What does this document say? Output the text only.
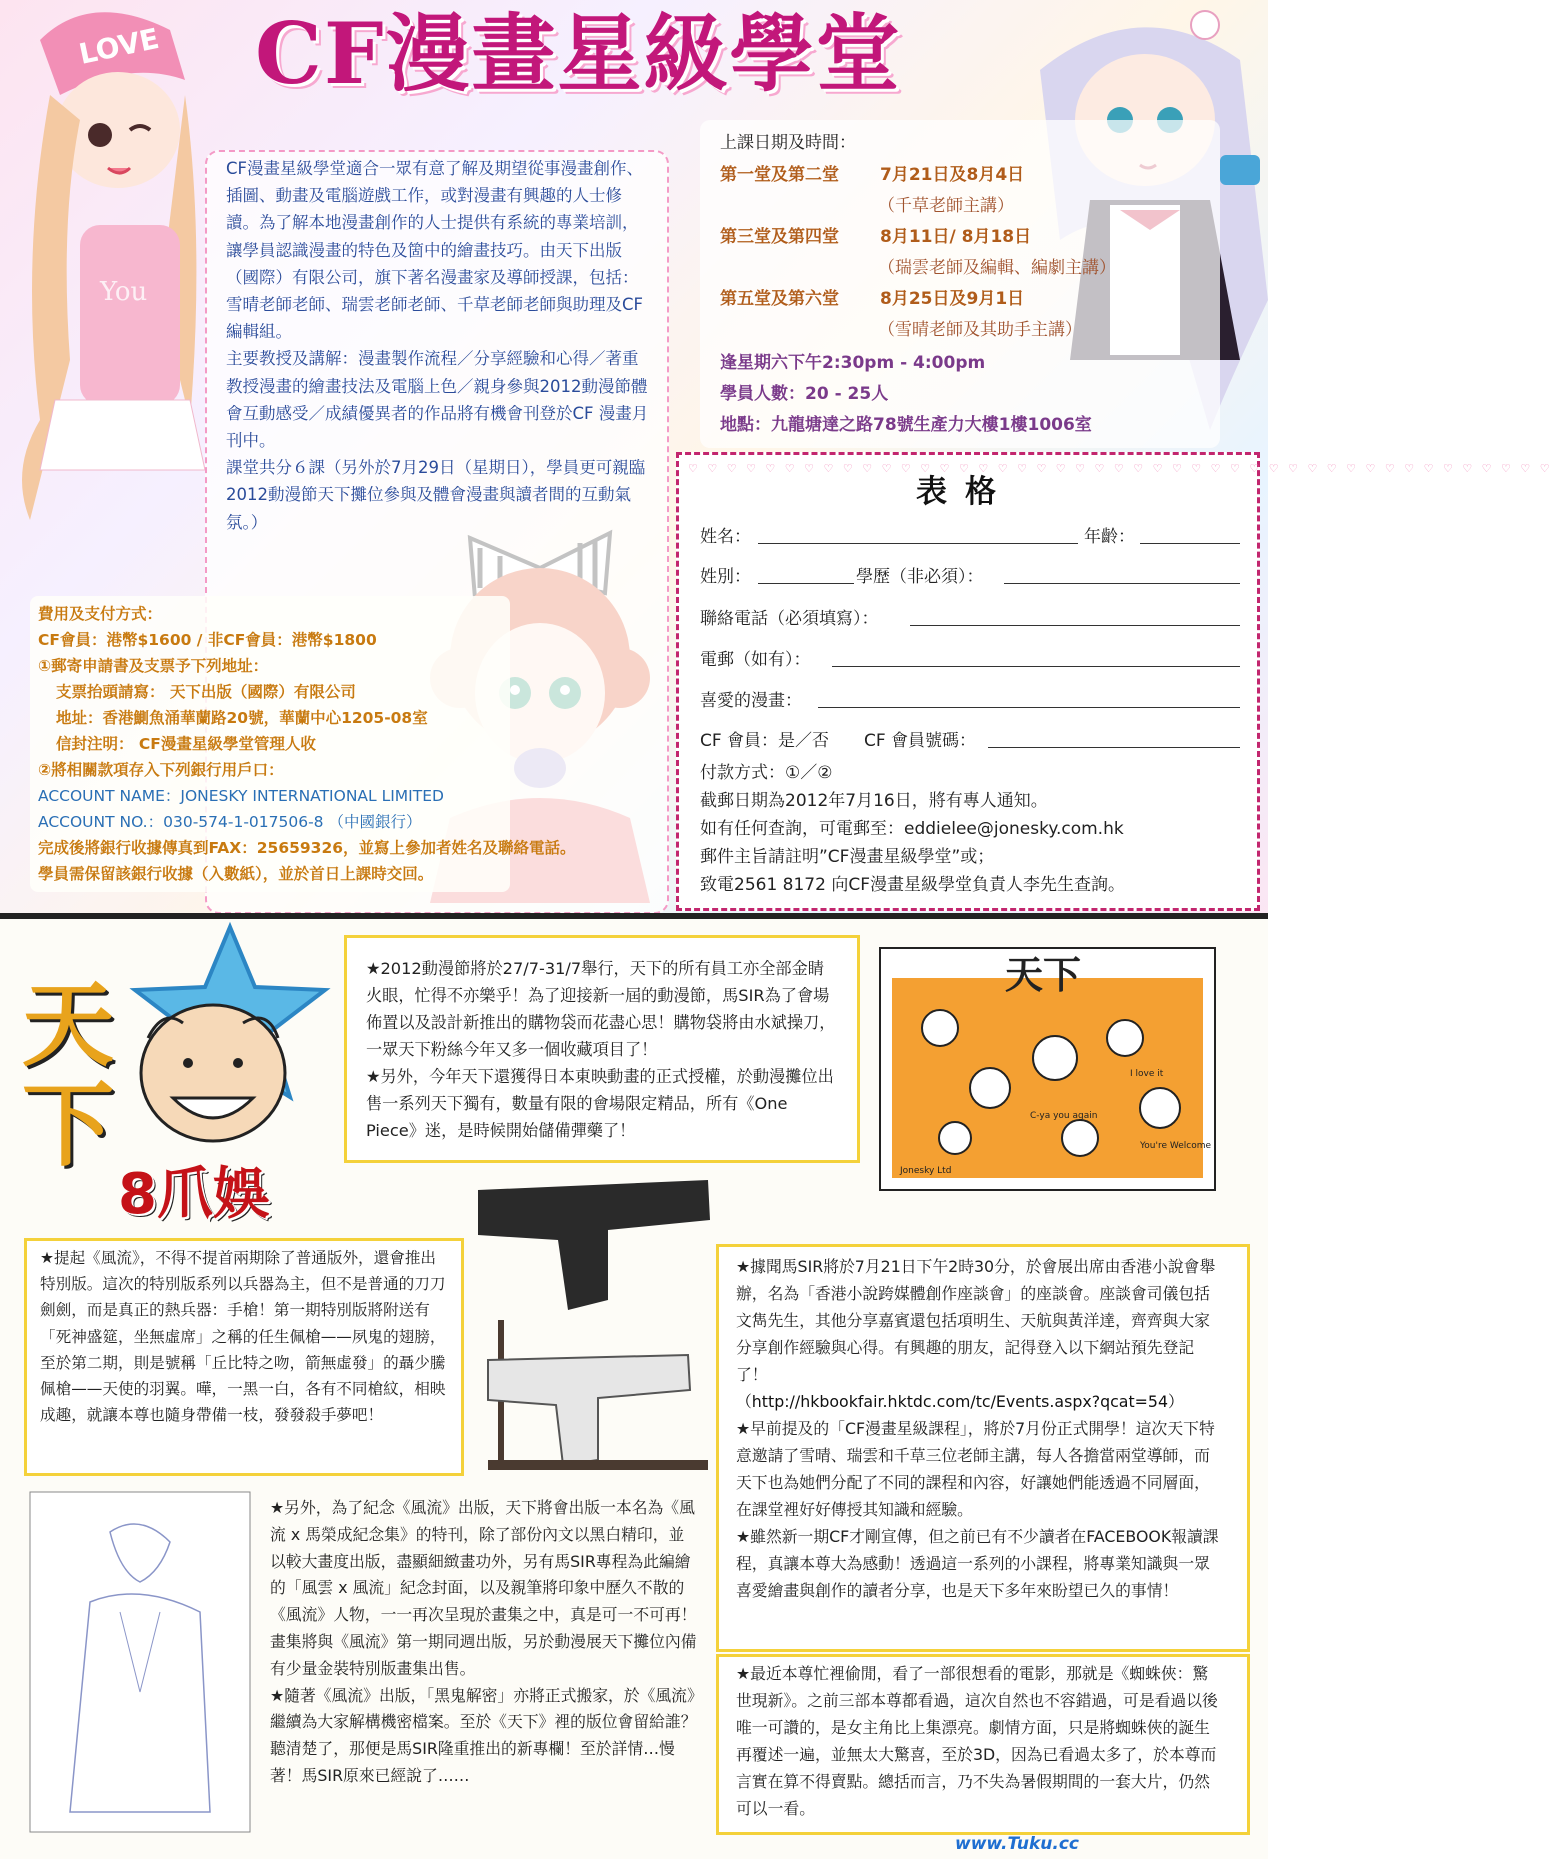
LOVE
You
CF漫畫星級學堂

CF漫畫星級學堂適合一眾有意了解及期望從事漫畫創作、插圖、動畫及電腦遊戲工作，或對漫畫有興趣的人士修讀。為了解本地漫畫創作的人士提供有系統的專業培訓，讓學員認識漫畫的特色及箇中的繪畫技巧。由天下出版（國際）有限公司，旗下著名漫畫家及導師授課，包括：雪晴老師老師、瑞雲老師老師、千草老師老師與助理及CF編輯組。

主要教授及講解：漫畫製作流程／分享經驗和心得／著重教授漫畫的繪畫技法及電腦上色／親身參與2012動漫節體會互動感受／成績優異者的作品將有機會刊登於CF 漫畫月刊中。

課堂共分６課（另外於7月29日（星期日），學員更可親臨2012動漫節天下攤位參與及體會漫畫與讀者間的互動氣氛。）

上課日期及時間：
第一堂及第二堂 7月21日及8月4日
（千草老師主講）
第三堂及第四堂 8月11日/ 8月18日
（瑞雲老師及編輯、編劇主講）
第五堂及第六堂 8月25日及9月1日
（雪晴老師及其助手主講）
逢星期六下午2:30pm - 4:00pm
學員人數：20 - 25人
地點：九龍塘達之路78號生產力大樓1樓1006室
費用及支付方式：
CF會員：港幣$1600 / 非CF會員：港幣$1800
①郵寄申請書及支票予下列地址：
支票抬頭請寫： 天下出版（國際）有限公司
地址：香港鰂魚涌華蘭路20號，華蘭中心1205-08室
信封注明： CF漫畫星級學堂管理人收
②將相關款項存入下列銀行用戶口：
ACCOUNT NAME：JONESKY INTERNATIONAL LIMITED
ACCOUNT NO.：030-574-1-017506-8 （中國銀行）
完成後將銀行收據傳真到FAX：25659326，並寫上參加者姓名及聯絡電話。
學員需保留該銀行收據（入數紙），並於首日上課時交回。
♡ ♡ ♡ ♡ ♡ ♡ ♡ ♡ ♡ ♡ ♡ ♡ ♡ ♡ ♡ ♡ ♡ ♡ ♡ ♡ ♡ ♡ ♡ ♡ ♡ ♡ ♡ ♡ ♡ ♡ ♡ ♡ ♡ ♡ ♡ ♡ ♡ ♡ ♡ ♡ ♡ ♡ ♡ ♡ ♡
表格
姓名：	年齡：
姓別：	學歷（非必須）：
聯絡電話（必須填寫）：
電郵（如有）：
喜愛的漫畫：
CF 會員：是／否 CF 會員號碼：
付款方式：①／②
截郵日期為2012年7月16日，將有專人通知。
如有任何查詢，可電郵至：eddielee@jonesky.com.hk
郵件主旨請註明”CF漫畫星級學堂”或；
致電2561 8172 向CF漫畫星級學堂負責人李先生查詢。
天下
8爪娛

★2012動漫節將於27/7-31/7舉行，天下的所有員工亦全部金睛火眼，忙得不亦樂乎！為了迎接新一屆的動漫節，馬SIR為了會場佈置以及設計新推出的購物袋而花盡心思！購物袋將由水斌操刀，一眾天下粉絲今年又多一個收藏項目了！

★另外，今年天下還獲得日本東映動畫的正式授權，於動漫攤位出售一系列天下獨有，數量有限的會場限定精品，所有《One Piece》迷，是時候開始儲備彈藥了！

天下
Jonesky Ltd
I love it
C-ya you again
You're Welcome
★提起《風流》，不得不提首兩期除了普通版外，還會推出特別版。這次的特別版系列以兵器為主，但不是普通的刀刀劍劍，而是真正的熱兵器：手槍！第一期特別版將附送有「死神盛筵，坐無虛席」之稱的任生佩槍——夙鬼的翅膀，至於第二期，則是號稱「丘比特之吻，箭無虛發」的聶少騰佩槍——天使的羽翼。嘩，一黑一白，各有不同槍紋，相映成趣，就讓本尊也隨身帶備一枝，發發殺手夢吧！

★據聞馬SIR將於7月21日下午2時30分，於會展出席由香港小說會舉辦，名為「香港小說跨媒體創作座談會」的座談會。座談會司儀包括文雋先生，其他分享嘉賓還包括項明生、天航與黃洋達，齊齊與大家分享創作經驗與心得。有興趣的朋友，記得登入以下網站預先登記了！

（http://hkbookfair.hktdc.com/tc/Events.aspx?qcat=54）

★早前提及的「CF漫畫星級課程」，將於7月份正式開學！這次天下特意邀請了雪晴、瑞雲和千草三位老師主講，每人各擔當兩堂導師，而天下也為她們分配了不同的課程和內容，好讓她們能透過不同層面，在課堂裡好好傳授其知識和經驗。

★雖然新一期CF才剛宣傳，但之前已有不少讀者在FACEBOOK報讀課程，真讓本尊大為感動！透過這一系列的小課程，將專業知識與一眾喜愛繪畫與創作的讀者分享，也是天下多年來盼望已久的事情！

★另外，為了紀念《風流》出版，天下將會出版一本名為《風流 x 馬榮成紀念集》的特刊，除了部份內文以黑白精印，並以較大畫度出版，盡顯細緻畫功外，另有馬SIR專程為此編繪的「風雲 x 風流」紀念封面，以及親筆將印象中歷久不散的《風流》人物，一一再次呈現於畫集之中，真是可一不可再！畫集將與《風流》第一期同週出版，另於動漫展天下攤位內備有少量金裝特別版畫集出售。

★隨著《風流》出版，「黑鬼解密」亦將正式搬家，於《風流》繼續為大家解構機密檔案。至於《天下》裡的版位會留給誰？聽清楚了，那便是馬SIR隆重推出的新專欄！至於詳情…慢著！馬SIR原來已經說了……

★最近本尊忙裡偷閒，看了一部很想看的電影，那就是《蜘蛛俠：驚世現新》。之前三部本尊都看過，這次自然也不容錯過，可是看過以後唯一可讚的，是女主角比上集漂亮。劇情方面，只是將蜘蛛俠的誕生再覆述一遍，並無太大驚喜，至於3D，因為已看過太多了，於本尊而言實在算不得賣點。總括而言，乃不失為暑假期間的一套大片，仍然可以一看。
www.Tuku.cc
